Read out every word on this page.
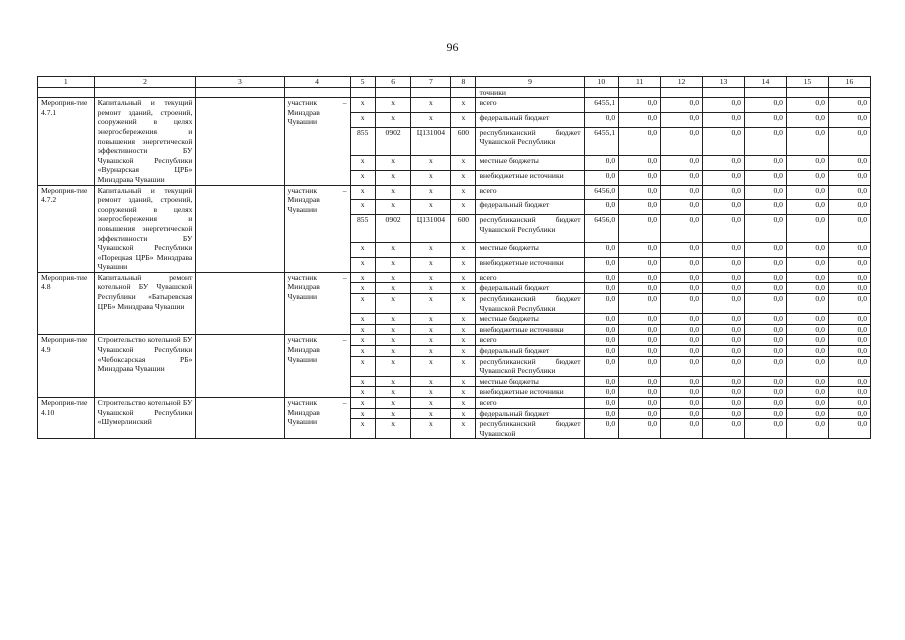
96
1	2	3	4	5	6	7	8	9	10	11	12	13	14	15	16
								точники							
Мероприя-тие 4.7.1	Капитальный и текущий ремонт зданий, строений, сооружений в целях энергосбережения и повышения энергетической эффективности БУ Чувашской Республики «Вурнарская ЦРБ» Минздрава Чувашии		участник – Минздрав Чувашии	x	x	x	x	всего	6455,1	0,0	0,0	0,0	0,0	0,0	0,0
				x	x	x	x	федеральный бюджет	0,0	0,0	0,0	0,0	0,0	0,0	0,0
				855	0902	Ц131004	600	республиканский бюджет Чувашской Республики	6455,1	0,0	0,0	0,0	0,0	0,0	0,0
				x	x	x	x	местные бюджеты	0,0	0,0	0,0	0,0	0,0	0,0	0,0
				x	x	x	x	внебюджетные источники	0,0	0,0	0,0	0,0	0,0	0,0	0,0
Мероприя-тие 4.7.2	Капитальный и текущий ремонт зданий, строений, сооружений в целях энергосбережения и повышения энергетической эффективности БУ Чувашской Республики «Порецкая ЦРБ» Минздрава Чувашии		участник – Минздрав Чувашии	x	x	x	x	всего	6456,0	0,0	0,0	0,0	0,0	0,0	0,0
				x	x	x	x	федеральный бюджет	0,0	0,0	0,0	0,0	0,0	0,0	0,0
				855	0902	Ц131004	600	республиканский бюджет Чувашской Республики	6456,0	0,0	0,0	0,0	0,0	0,0	0,0
				x	x	x	x	местные бюджеты	0,0	0,0	0,0	0,0	0,0	0,0	0,0
				x	x	x	x	внебюджетные источники	0,0	0,0	0,0	0,0	0,0	0,0	0,0
Мероприя-тие 4.8	Капитальный ремонт котельной БУ Чувашской Республики «Батыревская ЦРБ» Минздрава Чувашии		участник – Минздрав Чувашии	x	x	x	x	всего	0,0	0,0	0,0	0,0	0,0	0,0	0,0
				x	x	x	x	федеральный бюджет	0,0	0,0	0,0	0,0	0,0	0,0	0,0
				x	x	x	x	республиканский бюджет Чувашской Республики	0,0	0,0	0,0	0,0	0,0	0,0	0,0
				x	x	x	x	местные бюджеты	0,0	0,0	0,0	0,0	0,0	0,0	0,0
				x	x	x	x	внебюджетные источники	0,0	0,0	0,0	0,0	0,0	0,0	0,0
Мероприя-тие 4.9	Строительство котельной БУ Чувашской Республики «Чебоксарская РБ» Минздрава Чувашии		участник – Минздрав Чувашии	x	x	x	x	всего	0,0	0,0	0,0	0,0	0,0	0,0	0,0
				x	x	x	x	федеральный бюджет	0,0	0,0	0,0	0,0	0,0	0,0	0,0
				x	x	x	x	республиканский бюджет Чувашской Республики	0,0	0,0	0,0	0,0	0,0	0,0	0,0
				x	x	x	x	местные бюджеты	0,0	0,0	0,0	0,0	0,0	0,0	0,0
				x	x	x	x	внебюджетные источники	0,0	0,0	0,0	0,0	0,0	0,0	0,0
Мероприя-тие 4.10	Строительство котельной БУ Чувашской Республики «Шумерлинский		участник – Минздрав Чувашии	x	x	x	x	всего	0,0	0,0	0,0	0,0	0,0	0,0	0,0
				x	x	x	x	федеральный бюджет	0,0	0,0	0,0	0,0	0,0	0,0	0,0
				x	x	x	x	республиканский бюджет Чувашской	0,0	0,0	0,0	0,0	0,0	0,0	0,0
